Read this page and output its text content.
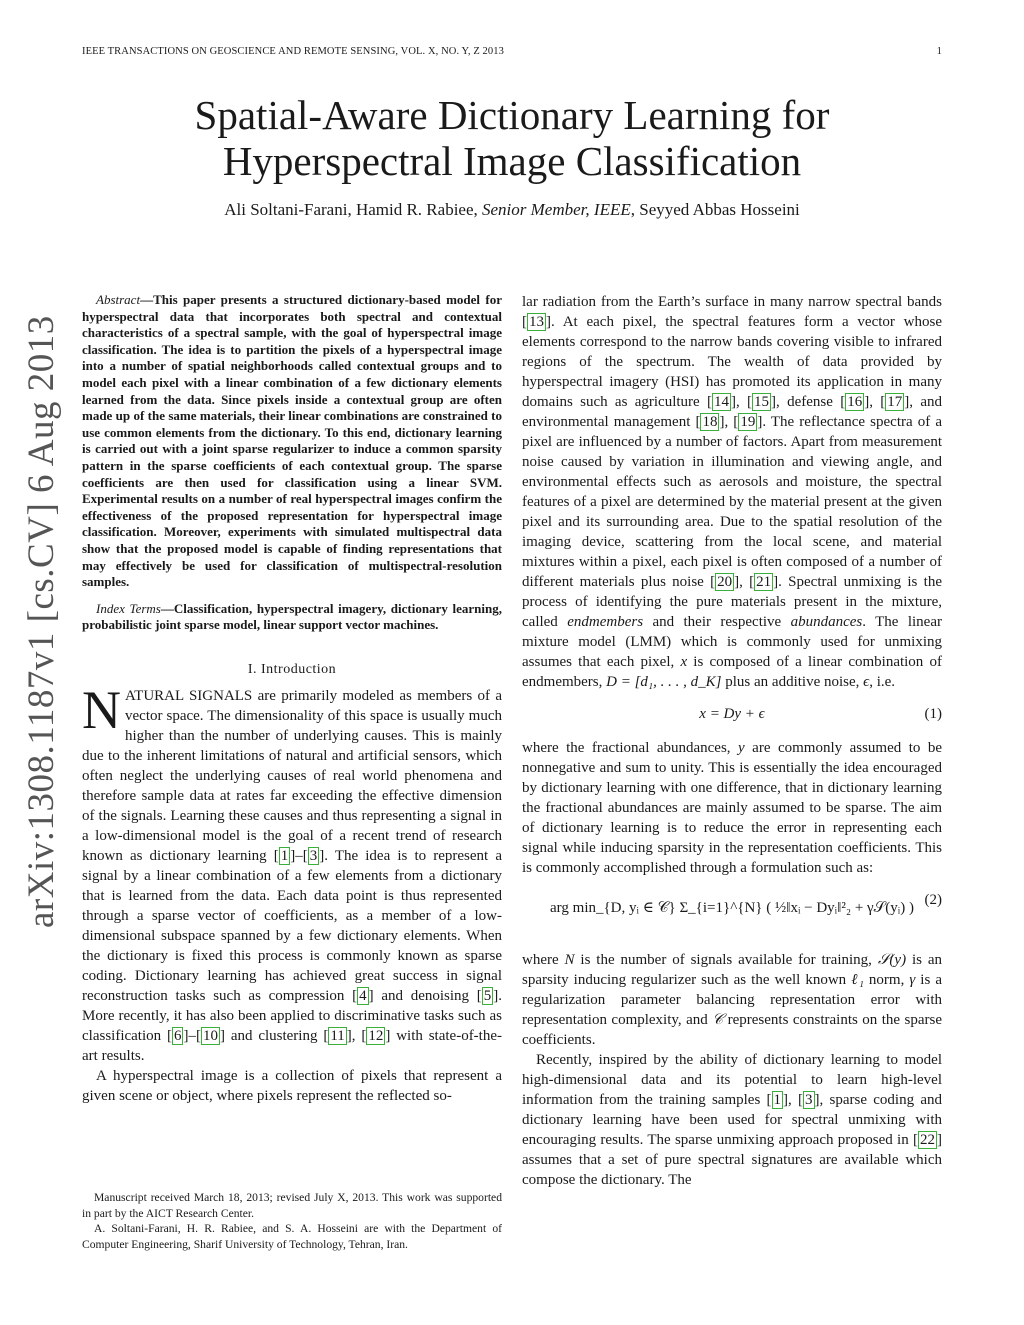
IEEE TRANSACTIONS ON GEOSCIENCE AND REMOTE SENSING, VOL. X, NO. Y, Z 2013	1
arXiv:1308.1187v1 [cs.CV] 6 Aug 2013
Spatial-Aware Dictionary Learning for
Hyperspectral Image Classification
Ali Soltani-Farani, Hamid R. Rabiee, Senior Member, IEEE, Seyyed Abbas Hosseini

Abstract—This paper presents a structured dictionary-based model for hyperspectral data that incorporates both spectral and contextual characteristics of a spectral sample, with the goal of hyperspectral image classification. The idea is to partition the pixels of a hyperspectral image into a number of spatial neighborhoods called contextual groups and to model each pixel with a linear combination of a few dictionary elements learned from the data. Since pixels inside a contextual group are often made up of the same materials, their linear combinations are constrained to use common elements from the dictionary. To this end, dictionary learning is carried out with a joint sparse regularizer to induce a common sparsity pattern in the sparse coefficients of each contextual group. The sparse coefficients are then used for classification using a linear SVM. Experimental results on a number of real hyperspectral images confirm the effectiveness of the proposed representation for hyperspectral image classification. Moreover, experiments with simulated multispectral data show that the proposed model is capable of finding representations that may effectively be used for classification of multispectral-resolution samples.

Index Terms—Classification, hyperspectral imagery, dictionary learning, probabilistic joint sparse model, linear support vector machines.

I. Introduction

NATURAL SIGNALS are primarily modeled as members of a vector space. The dimensionality of this space is usually much higher than the number of underlying causes. This is mainly due to the inherent limitations of natural and artificial sensors, which often neglect the underlying causes of real world phenomena and therefore sample data at rates far exceeding the effective dimension of the signals. Learning these causes and thus representing a signal in a low-dimensional model is the goal of a recent trend of research known as dictionary learning [ 1 ]–[ 3 ]. The idea is to represent a signal by a linear combination of a few elements from a dictionary that is learned from the data. Each data point is thus represented through a sparse vector of coefficients, as a member of a low-dimensional subspace spanned by a few dictionary elements. When the dictionary is fixed this process is commonly known as sparse coding. Dictionary learning has achieved great success in signal reconstruction tasks such as compression [ 4 ] and denoising [ 5 ]. More recently, it has also been applied to discriminative tasks such as classification [ 6 ]–[ 10 ] and clustering [ 11 ], [ 12 ] with state-of-the-art results.

A hyperspectral image is a collection of pixels that represent a given scene or object, where pixels represent the reflected so-

Manuscript received March 18, 2013; revised July X, 2013. This work was supported in part by the AICT Research Center.

A. Soltani-Farani, H. R. Rabiee, and S. A. Hosseini are with the Department of Computer Engineering, Sharif University of Technology, Tehran, Iran.

lar radiation from the Earth’s surface in many narrow spectral bands [ 13 ]. At each pixel, the spectral features form a vector whose elements correspond to the narrow bands covering visible to infrared regions of the spectrum. The wealth of data provided by hyperspectral imagery (HSI) has promoted its application in many domains such as agriculture [ 14 ], [ 15 ], defense [ 16 ], [ 17 ], and environmental management [ 18 ], [ 19 ]. The reflectance spectra of a pixel are influenced by a number of factors. Apart from measurement noise caused by variation in illumination and viewing angle, and environmental effects such as aerosols and moisture, the spectral features of a pixel are determined by the material present at the given pixel and its surrounding area. Due to the spatial resolution of the imaging device, scattering from the local scene, and material mixtures within a pixel, each pixel is often composed of a number of different materials plus noise [ 20 ], [ 21 ]. Spectral unmixing is the process of identifying the pure materials present in the mixture, called endmembers and their respective abundances. The linear mixture model (LMM) which is commonly used for unmixing assumes that each pixel, x is composed of a linear combination of endmembers, D = [d₁, . . . , d_K] plus an additive noise, ϵ, i.e.

x = Dy + ϵ	(1)

where the fractional abundances, y are commonly assumed to be nonnegative and sum to unity. This is essentially the idea encouraged by dictionary learning with one difference, that in dictionary learning the fractional abundances are mainly assumed to be sparse. The aim of dictionary learning is to reduce the error in representing each signal while inducing sparsity in the representation coefficients. This is commonly accomplished through a formulation such as:

arg min_{D, yᵢ ∈ 𝒞} Σ_{i=1}^{N} ( ½‖xᵢ − Dyᵢ‖²₂ + γ𝒮(yᵢ) ) (2)

where N is the number of signals available for training, 𝒮(y) is an sparsity inducing regularizer such as the well known ℓ₁ norm, γ is a regularization parameter balancing representation error with representation complexity, and 𝒞 represents constraints on the sparse coefficients.

Recently, inspired by the ability of dictionary learning to model high-dimensional data and its potential to learn high-level information from the training samples [ 1 ], [ 3 ], sparse coding and dictionary learning have been used for spectral unmixing with encouraging results. The sparse unmixing approach proposed in [ 22 ] assumes that a set of pure spectral signatures are available which compose the dictionary. The
